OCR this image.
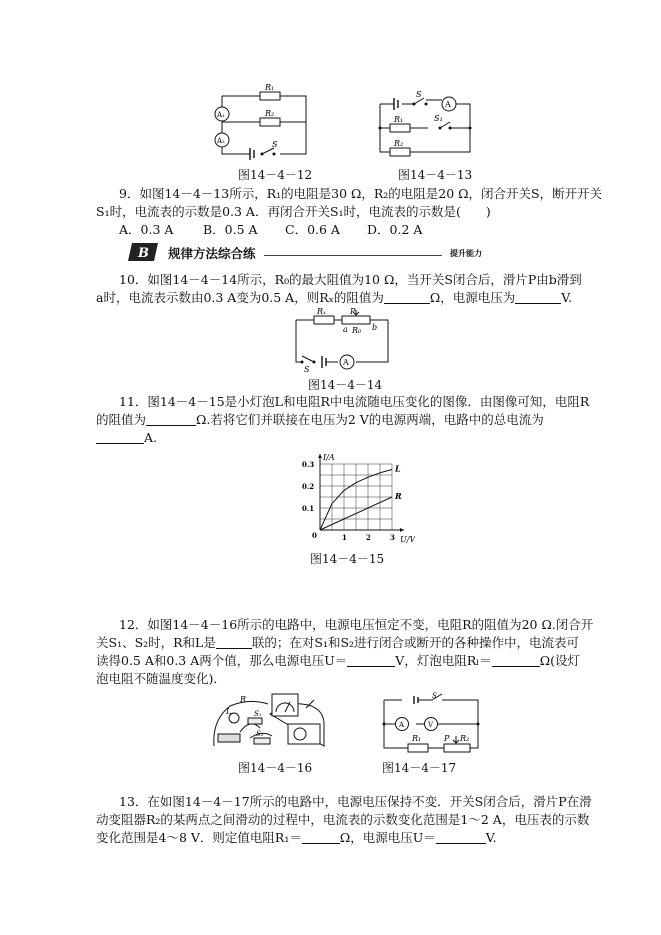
R₁
R₂
A₁
A₂	S
图14－4－12
S
A
R₁	S₁
R₂
图14－4－13
9．如图14－4－13所示，R₁的电阻是30 Ω，R₂的电阻是20 Ω，闭合开关S，断开开关
S₁时，电流表的示数是0.3 A．再闭合开关S₁时，电流表的示数是(　　)
A．0.3 A B．0.5 A C．0.6 A D．0.2 A
B 规律方法综合练	提升能力
10．如图14－4－14所示，R₀的最大阻值为10 Ω，当开关S闭合后，滑片P由b滑到
a时，电流表示数由0.3 A变为0.5 A，则Rₓ的阻值为	Ω，电源电压为	V.
Rₓ	P
a R₀ b
S
A
图14－4－14
11．图14－4－15是小灯泡L和电阻R中电流随电压变化的图像．由图像可知，电阻R
的阻值为	Ω.若将它们并联接在电压为2 V的电源两端，电路中的总电流为
A.
U/V
I/A
1	2	3
0.1
0.2
0.3
0
L
R
图14－4－15
12．如图14－4－16所示的电路中，电源电压恒定不变，电阻R的阻值为20 Ω.闭合开
关S₁、S₂时，R和L是	联的；在对S₁和S₂进行闭合或断开的各种操作中，电流表可
读得0.5 A和0.3 A两个值，那么电源电压U＝	V，灯泡电阻Rₗ＝	Ω(设灯
泡电阻不随温度变化)．
R
L	S₁
S₂
图14－4－16
A	V
R₁	P R₂
S
图14－4－17
13．在如图14－4－17所示的电路中，电源电压保持不变．开关S闭合后，滑片P在滑
动变阻器R₂的某两点之间滑动的过程中，电流表的示数变化范围是1～2 A，电压表的示数
变化范围是4～8 V．则定值电阻R₁＝	Ω，电源电压U＝	V.
